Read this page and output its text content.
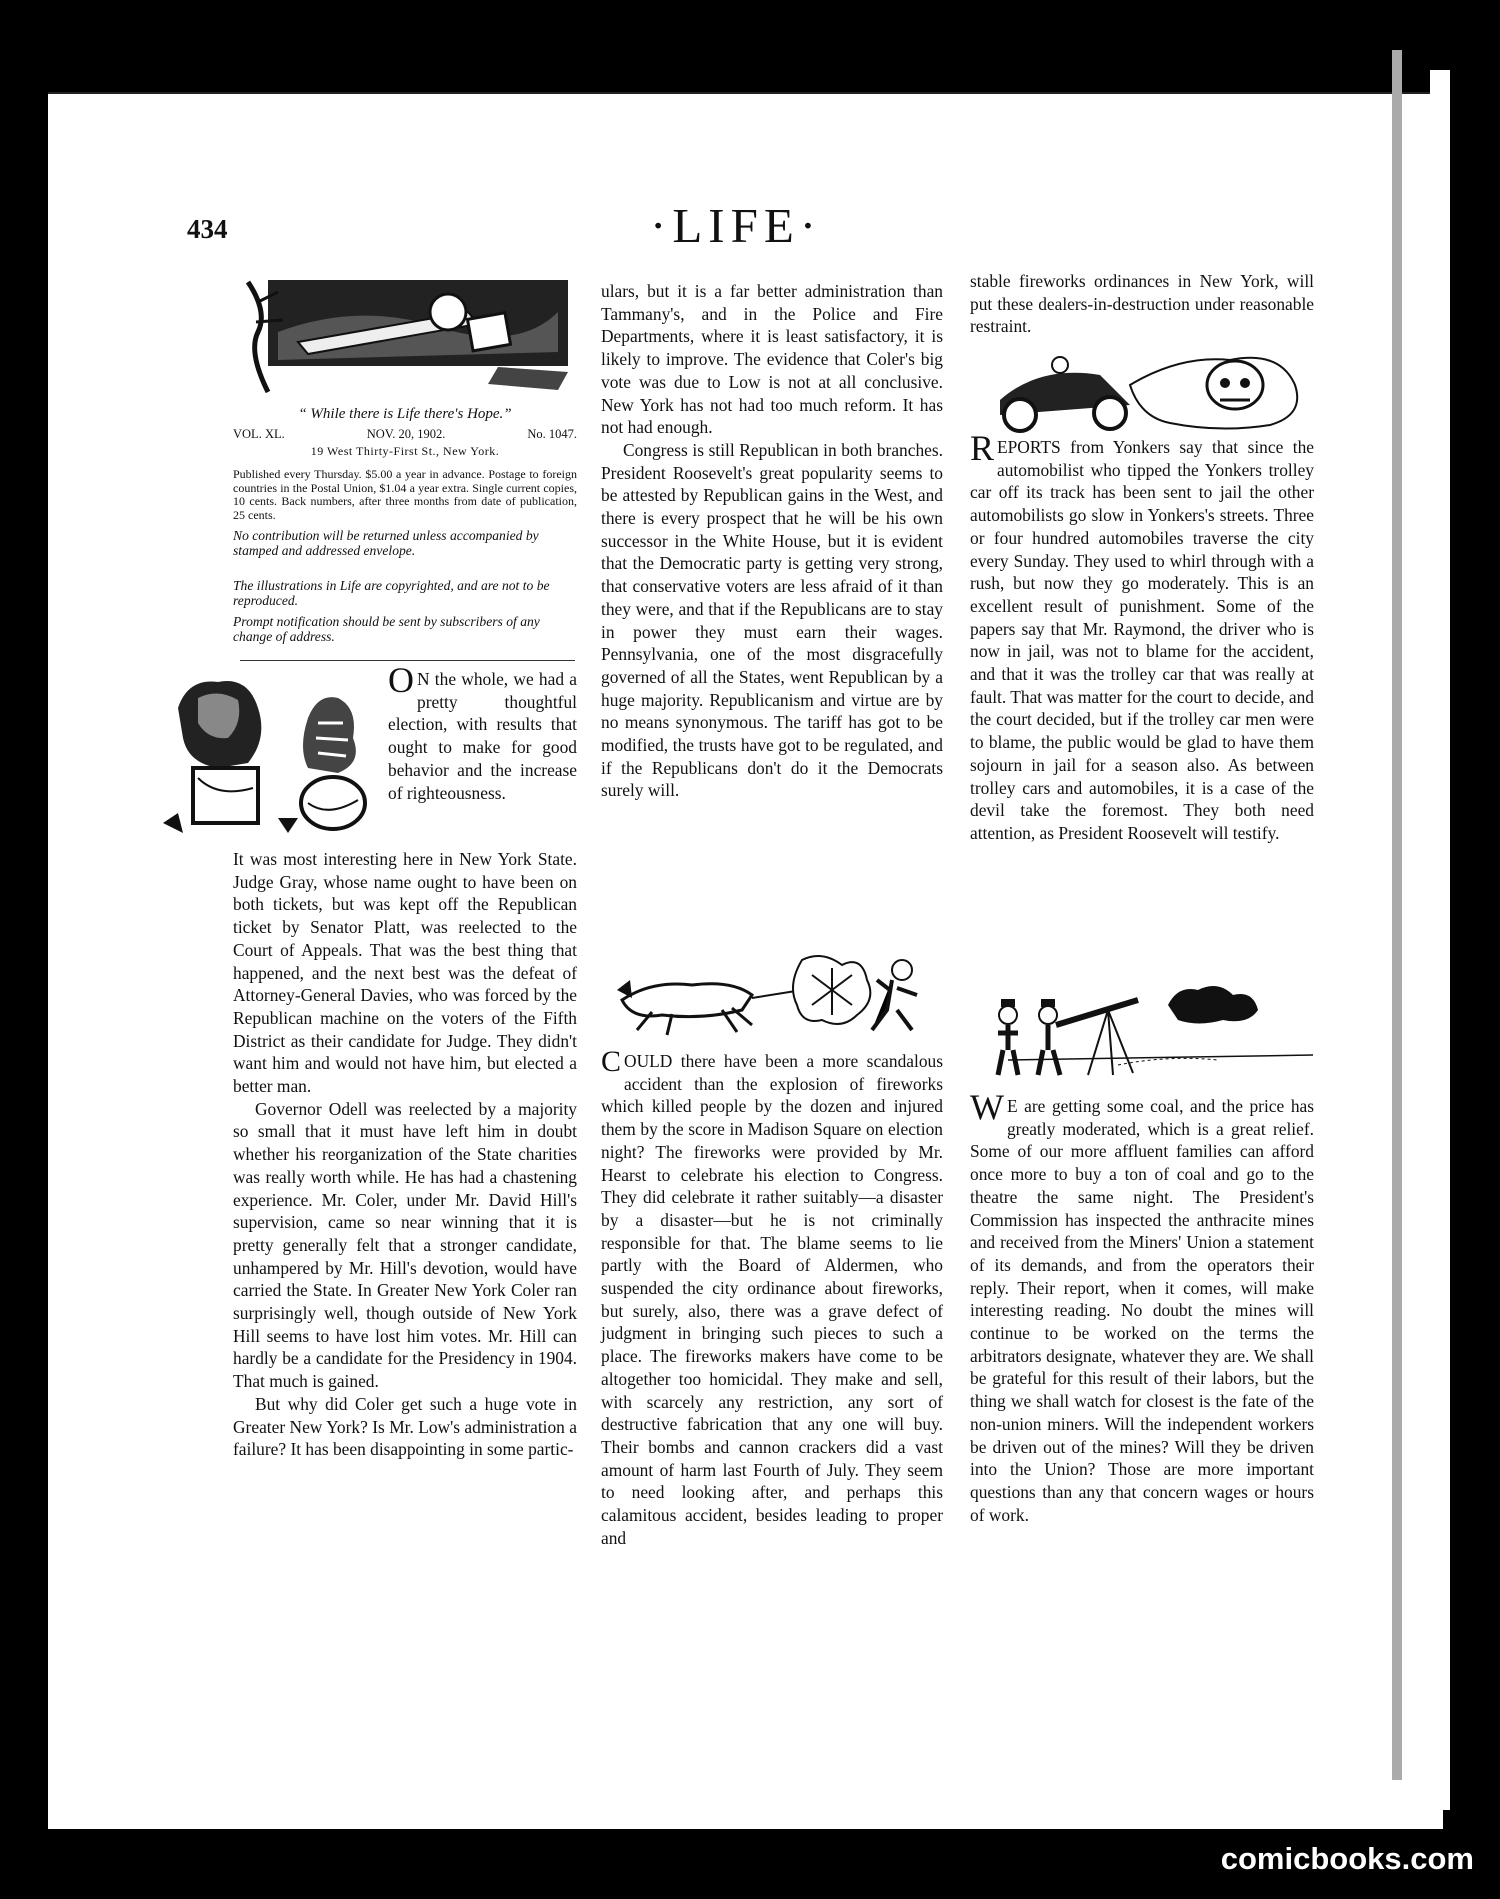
434	·LIFE·
“ While there is Life there's Hope.”
VOL. XL.	NOV. 20, 1902.	No. 1047.
19 West Thirty-First St., New York.
Published every Thursday. $5.00 a year in advance. Postage to foreign countries in the Postal Union, $1.04 a year extra. Single current copies, 10 cents. Back numbers, after three months from date of publication, 25 cents.
No contribution will be returned unless accompanied by stamped and addressed envelope.
The illustrations in Life are copyrighted, and are not to be reproduced.
Prompt notification should be sent by subscribers of any change of address.
O N the whole, we had a pretty thoughtful election, with results that ought to make for good behavior and the increase of righteousness.

It was most interesting here in New York State. Judge Gray, whose name ought to have been on both tickets, but was kept off the Republican ticket by Senator Platt, was reelected to the Court of Appeals. That was the best thing that happened, and the next best was the defeat of Attorney-General Davies, who was forced by the Republican machine on the voters of the Fifth District as their candidate for Judge. They didn't want him and would not have him, but elected a better man.

Governor Odell was reelected by a majority so small that it must have left him in doubt whether his reorganization of the State charities was really worth while. He has had a chastening experience. Mr. Coler, under Mr. David Hill's supervision, came so near winning that it is pretty generally felt that a stronger candidate, unhampered by Mr. Hill's devotion, would have carried the State. In Greater New York Coler ran surprisingly well, though outside of New York Hill seems to have lost him votes. Mr. Hill can hardly be a candidate for the Presidency in 1904. That much is gained.

But why did Coler get such a huge vote in Greater New York? Is Mr. Low's administration a failure? It has been disappointing in some partic-

ulars, but it is a far better administration than Tammany's, and in the Police and Fire Departments, where it is least satisfactory, it is likely to improve. The evidence that Coler's big vote was due to Low is not at all conclusive. New York has not had too much reform. It has not had enough.

Congress is still Republican in both branches. President Roosevelt's great popularity seems to be attested by Republican gains in the West, and there is every prospect that he will be his own successor in the White House, but it is evident that the Democratic party is getting very strong, that conservative voters are less afraid of it than they were, and that if the Republicans are to stay in power they must earn their wages. Pennsylvania, one of the most disgracefully governed of all the States, went Republican by a huge majority. Republicanism and virtue are by no means synonymous. The tariff has got to be modified, the trusts have got to be regulated, and if the Republicans don't do it the Democrats surely will.

COULD there have been a more scandalous accident than the explosion of fireworks which killed people by the dozen and injured them by the score in Madison Square on election night? The fireworks were provided by Mr. Hearst to celebrate his election to Congress. They did celebrate it rather suitably—a disaster by a disaster—but he is not criminally responsible for that. The blame seems to lie partly with the Board of Aldermen, who suspended the city ordinance about fireworks, but surely, also, there was a grave defect of judgment in bringing such pieces to such a place. The fireworks makers have come to be altogether too homicidal. They make and sell, with scarcely any restriction, any sort of destructive fabrication that any one will buy. Their bombs and cannon crackers did a vast amount of harm last Fourth of July. They seem to need looking after, and perhaps this calamitous accident, besides leading to proper and

stable fireworks ordinances in New York, will put these dealers-in-destruction under reasonable restraint.

REPORTS from Yonkers say that since the automobilist who tipped the Yonkers trolley car off its track has been sent to jail the other automobilists go slow in Yonkers's streets. Three or four hundred automobiles traverse the city every Sunday. They used to whirl through with a rush, but now they go moderately. This is an excellent result of punishment. Some of the papers say that Mr. Raymond, the driver who is now in jail, was not to blame for the accident, and that it was the trolley car that was really at fault. That was matter for the court to decide, and the court decided, but if the trolley car men were to blame, the public would be glad to have them sojourn in jail for a season also. As between trolley cars and automobiles, it is a case of the devil take the foremost. They both need attention, as President Roosevelt will testify.

W E are getting some coal, and the price has greatly moderated, which is a great relief. Some of our more affluent families can afford once more to buy a ton of coal and go to the theatre the same night. The President's Commission has inspected the anthracite mines and received from the Miners' Union a statement of its demands, and from the operators their reply. Their report, when it comes, will make interesting reading. No doubt the mines will continue to be worked on the terms the arbitrators designate, whatever they are. We shall be grateful for this result of their labors, but the thing we shall watch for closest is the fate of the non-union miners. Will the independent workers be driven out of the mines? Will they be driven into the Union? Those are more important questions than any that concern wages or hours of work.

comicbooks.com
